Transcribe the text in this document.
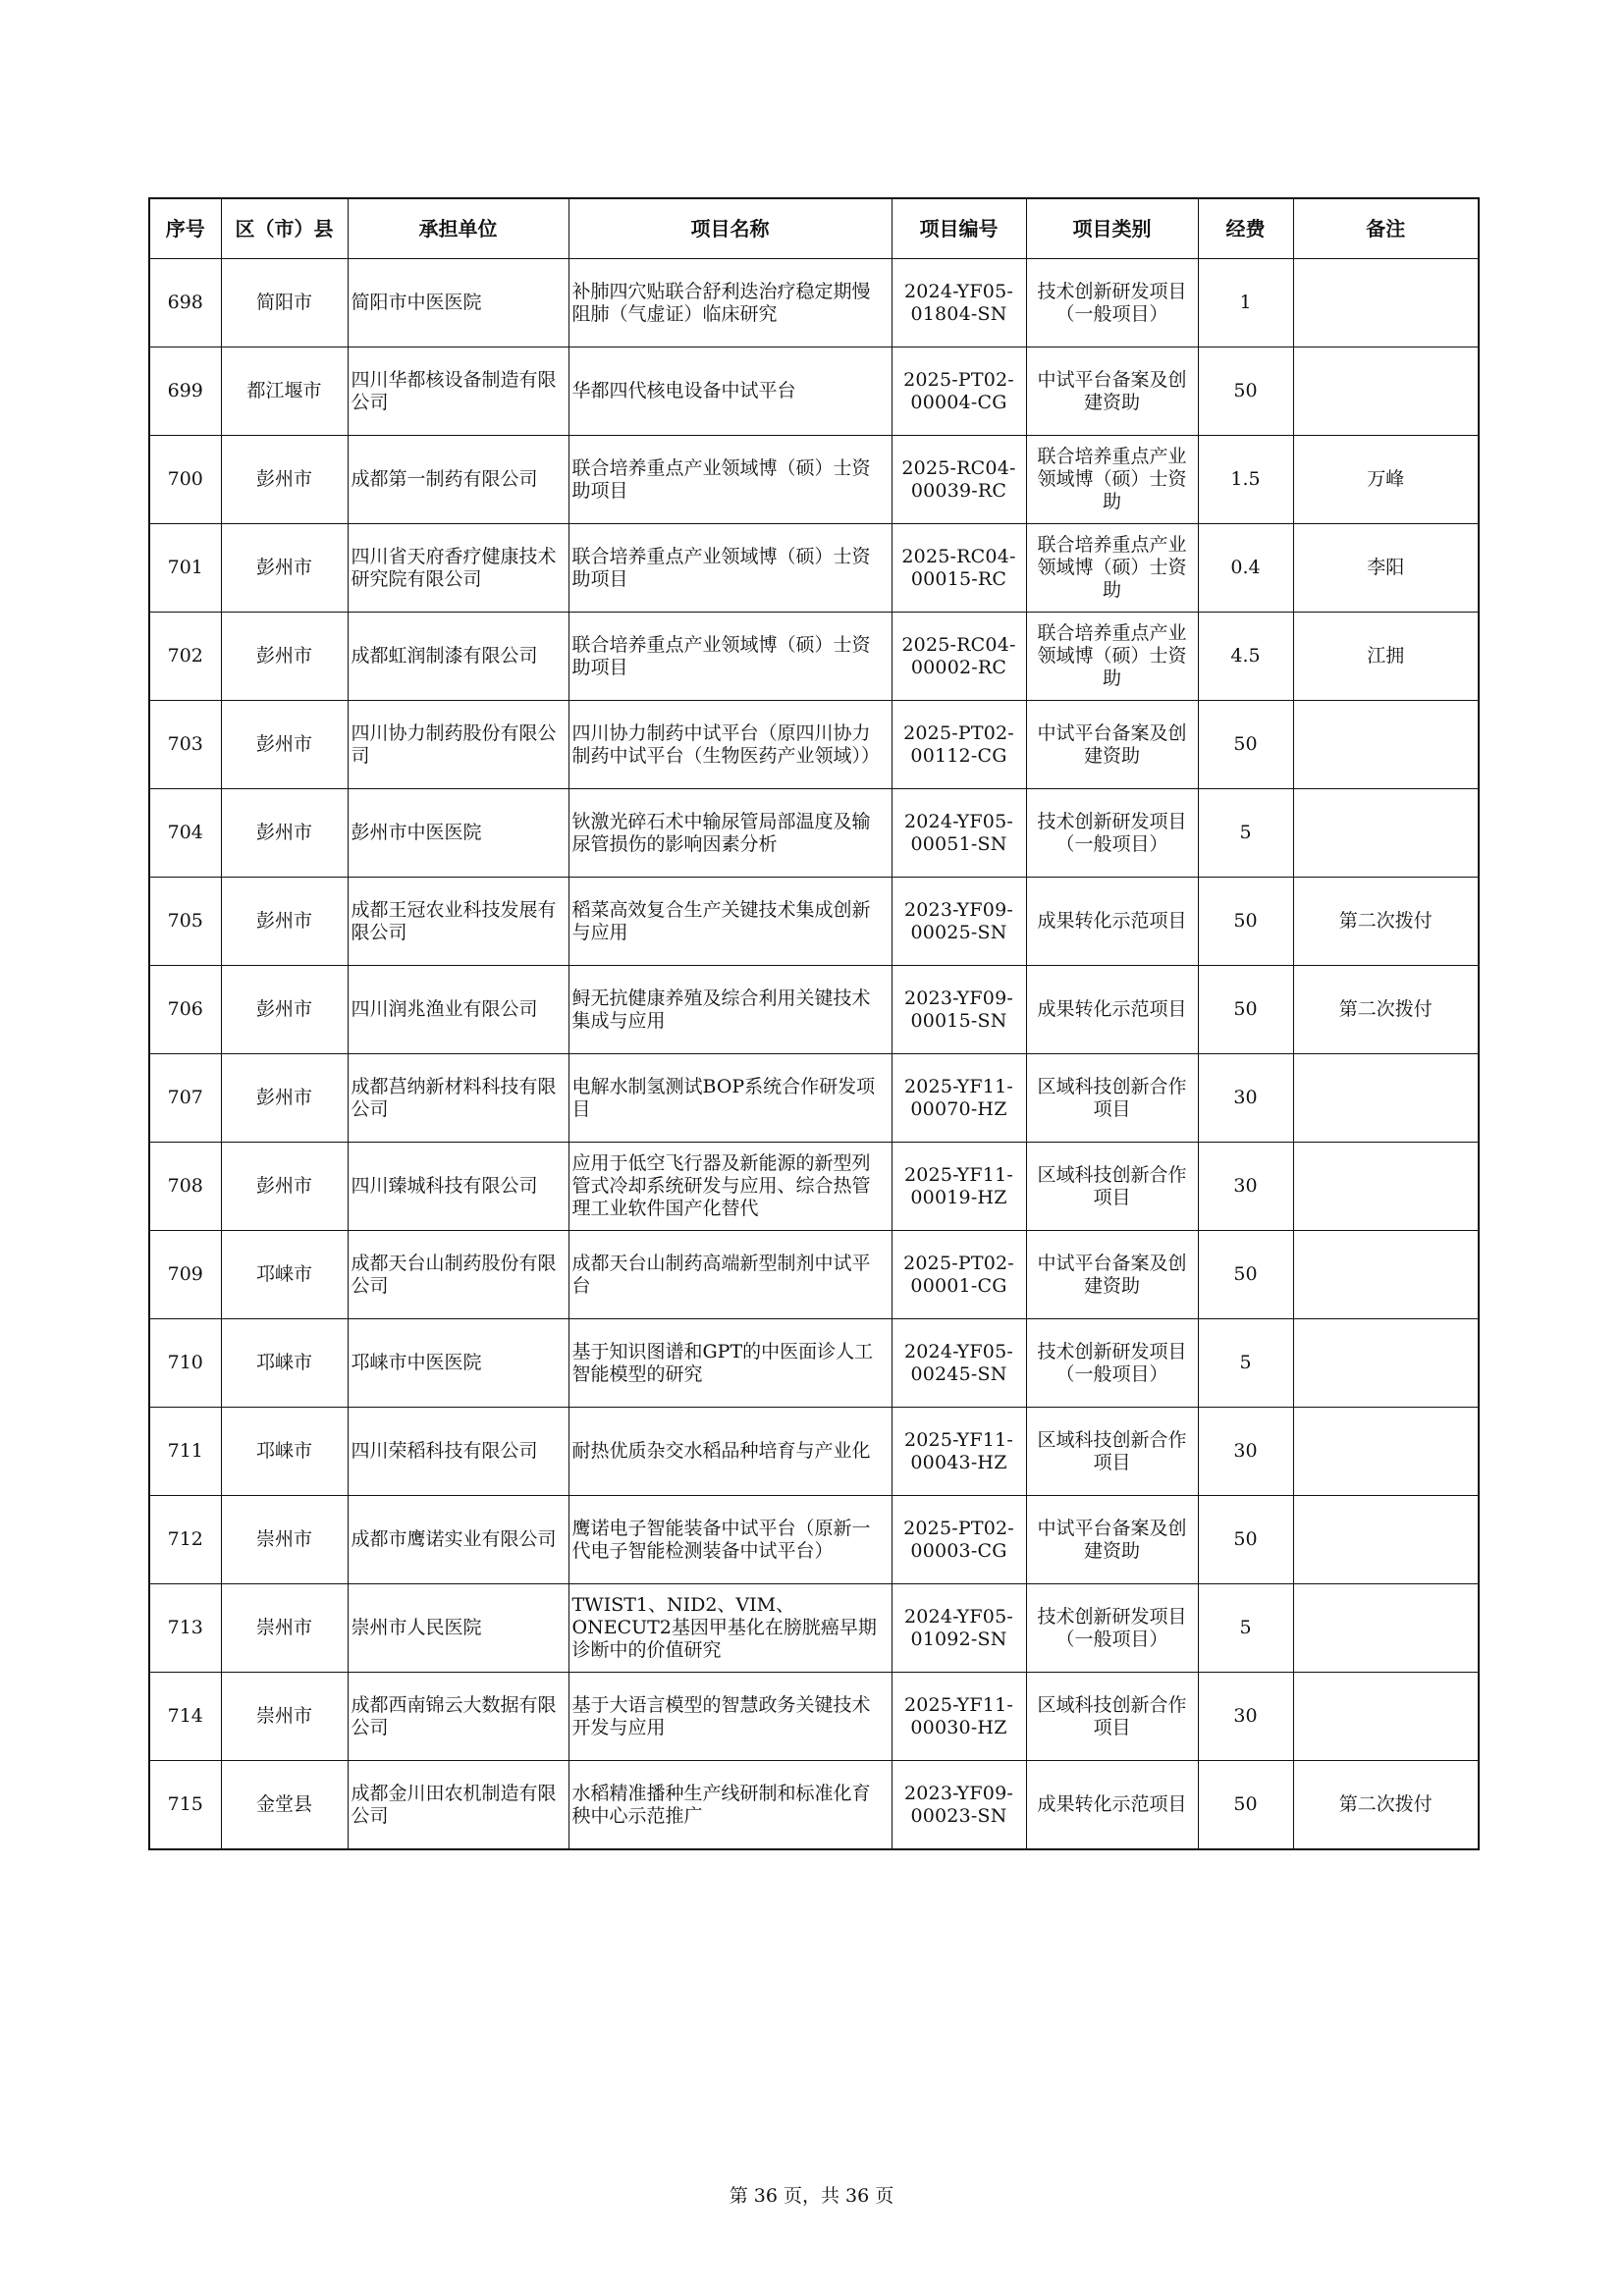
序号	区（市）县	承担单位	项目名称	项目编号	项目类别	经费	备注
698	简阳市	简阳市中医医院	补肺四穴贴联合舒利迭治疗稳定期慢阻肺（气虚证）临床研究	2024-YF05-01804-SN	技术创新研发项目（一般项目）	1	
699	都江堰市	四川华都核设备制造有限公司	华都四代核电设备中试平台	2025-PT02-00004-CG	中试平台备案及创建资助	50	
700	彭州市	成都第一制药有限公司	联合培养重点产业领域博（硕）士资助项目	2025-RC04-00039-RC	联合培养重点产业领域博（硕）士资助	1.5	万峰
701	彭州市	四川省天府香疗健康技术研究院有限公司	联合培养重点产业领域博（硕）士资助项目	2025-RC04-00015-RC	联合培养重点产业领域博（硕）士资助	0.4	李阳
702	彭州市	成都虹润制漆有限公司	联合培养重点产业领域博（硕）士资助项目	2025-RC04-00002-RC	联合培养重点产业领域博（硕）士资助	4.5	江拥
703	彭州市	四川协力制药股份有限公司	四川协力制药中试平台（原四川协力制药中试平台（生物医药产业领域））	2025-PT02-00112-CG	中试平台备案及创建资助	50	
704	彭州市	彭州市中医医院	钬激光碎石术中输尿管局部温度及输尿管损伤的影响因素分析	2024-YF05-00051-SN	技术创新研发项目（一般项目）	5	
705	彭州市	成都王冠农业科技发展有限公司	稻菜高效复合生产关键技术集成创新与应用	2023-YF09-00025-SN	成果转化示范项目	50	第二次拨付
706	彭州市	四川润兆渔业有限公司	鲟无抗健康养殖及综合利用关键技术集成与应用	2023-YF09-00015-SN	成果转化示范项目	50	第二次拨付
707	彭州市	成都莒纳新材料科技有限公司	电解水制氢测试BOP系统合作研发项目	2025-YF11-00070-HZ	区域科技创新合作项目	30	
708	彭州市	四川臻城科技有限公司	应用于低空飞行器及新能源的新型列管式冷却系统研发与应用、综合热管理工业软件国产化替代	2025-YF11-00019-HZ	区域科技创新合作项目	30	
709	邛崃市	成都天台山制药股份有限公司	成都天台山制药高端新型制剂中试平台	2025-PT02-00001-CG	中试平台备案及创建资助	50	
710	邛崃市	邛崃市中医医院	基于知识图谱和GPT的中医面诊人工智能模型的研究	2024-YF05-00245-SN	技术创新研发项目（一般项目）	5	
711	邛崃市	四川荣稻科技有限公司	耐热优质杂交水稻品种培育与产业化	2025-YF11-00043-HZ	区域科技创新合作项目	30	
712	崇州市	成都市鹰诺实业有限公司	鹰诺电子智能装备中试平台（原新一代电子智能检测装备中试平台）	2025-PT02-00003-CG	中试平台备案及创建资助	50	
713	崇州市	崇州市人民医院	TWIST1、NID2、VIM、ONECUT2基因甲基化在膀胱癌早期诊断中的价值研究	2024-YF05-01092-SN	技术创新研发项目（一般项目）	5	
714	崇州市	成都西南锦云大数据有限公司	基于大语言模型的智慧政务关键技术开发与应用	2025-YF11-00030-HZ	区域科技创新合作项目	30	
715	金堂县	成都金川田农机制造有限公司	水稻精准播种生产线研制和标准化育秧中心示范推广	2023-YF09-00023-SN	成果转化示范项目	50	第二次拨付
第 36 页，共 36 页
